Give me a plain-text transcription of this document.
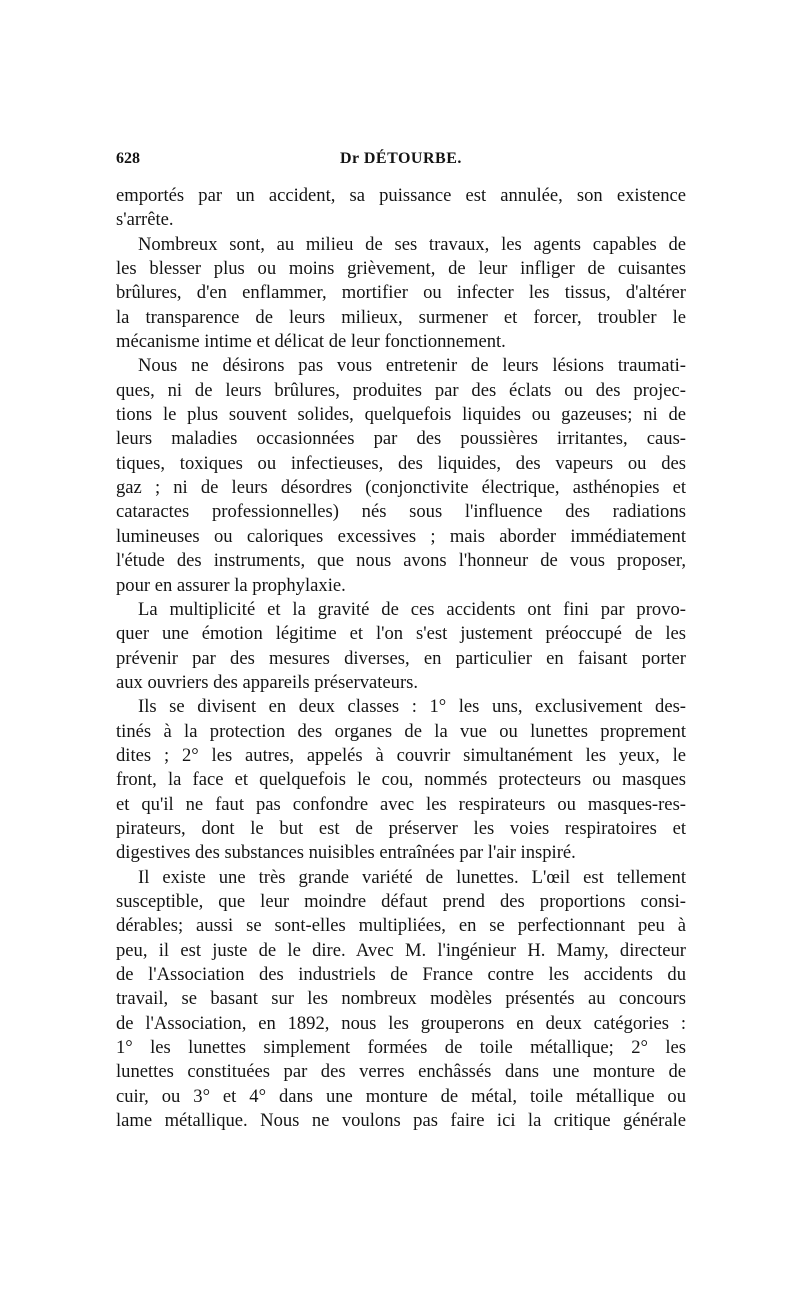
628	Dr DÉTOURBE.
emportés par un accident, sa puissance est annulée, son existence
s'arrête.
Nombreux sont, au milieu de ses travaux, les agents capables de
les blesser plus ou moins grièvement, de leur infliger de cuisantes
brûlures, d'en enflammer, mortifier ou infecter les tissus, d'altérer
la transparence de leurs milieux, surmener et forcer, troubler le
mécanisme intime et délicat de leur fonctionnement.
Nous ne désirons pas vous entretenir de leurs lésions traumati-
ques, ni de leurs brûlures, produites par des éclats ou des projec-
tions le plus souvent solides, quelquefois liquides ou gazeuses; ni de
leurs maladies occasionnées par des poussières irritantes, caus-
tiques, toxiques ou infectieuses, des liquides, des vapeurs ou des
gaz ; ni de leurs désordres (conjonctivite électrique, asthénopies et
cataractes professionnelles) nés sous l'influence des radiations
lumineuses ou caloriques excessives ; mais aborder immédiatement
l'étude des instruments, que nous avons l'honneur de vous proposer,
pour en assurer la prophylaxie.
La multiplicité et la gravité de ces accidents ont fini par provo-
quer une émotion légitime et l'on s'est justement préoccupé de les
prévenir par des mesures diverses, en particulier en faisant porter
aux ouvriers des appareils préservateurs.
Ils se divisent en deux classes : 1° les uns, exclusivement des-
tinés à la protection des organes de la vue ou lunettes proprement
dites ; 2° les autres, appelés à couvrir simultanément les yeux, le
front, la face et quelquefois le cou, nommés protecteurs ou masques
et qu'il ne faut pas confondre avec les respirateurs ou masques-res-
pirateurs, dont le but est de préserver les voies respiratoires et
digestives des substances nuisibles entraînées par l'air inspiré.
Il existe une très grande variété de lunettes. L'œil est tellement
susceptible, que leur moindre défaut prend des proportions consi-
dérables; aussi se sont-elles multipliées, en se perfectionnant peu à
peu, il est juste de le dire. Avec M. l'ingénieur H. Mamy, directeur
de l'Association des industriels de France contre les accidents du
travail, se basant sur les nombreux modèles présentés au concours
de l'Association, en 1892, nous les grouperons en deux catégories :
1° les lunettes simplement formées de toile métallique; 2° les
lunettes constituées par des verres enchâssés dans une monture de
cuir, ou 3° et 4° dans une monture de métal, toile métallique ou
lame métallique. Nous ne voulons pas faire ici la critique générale
